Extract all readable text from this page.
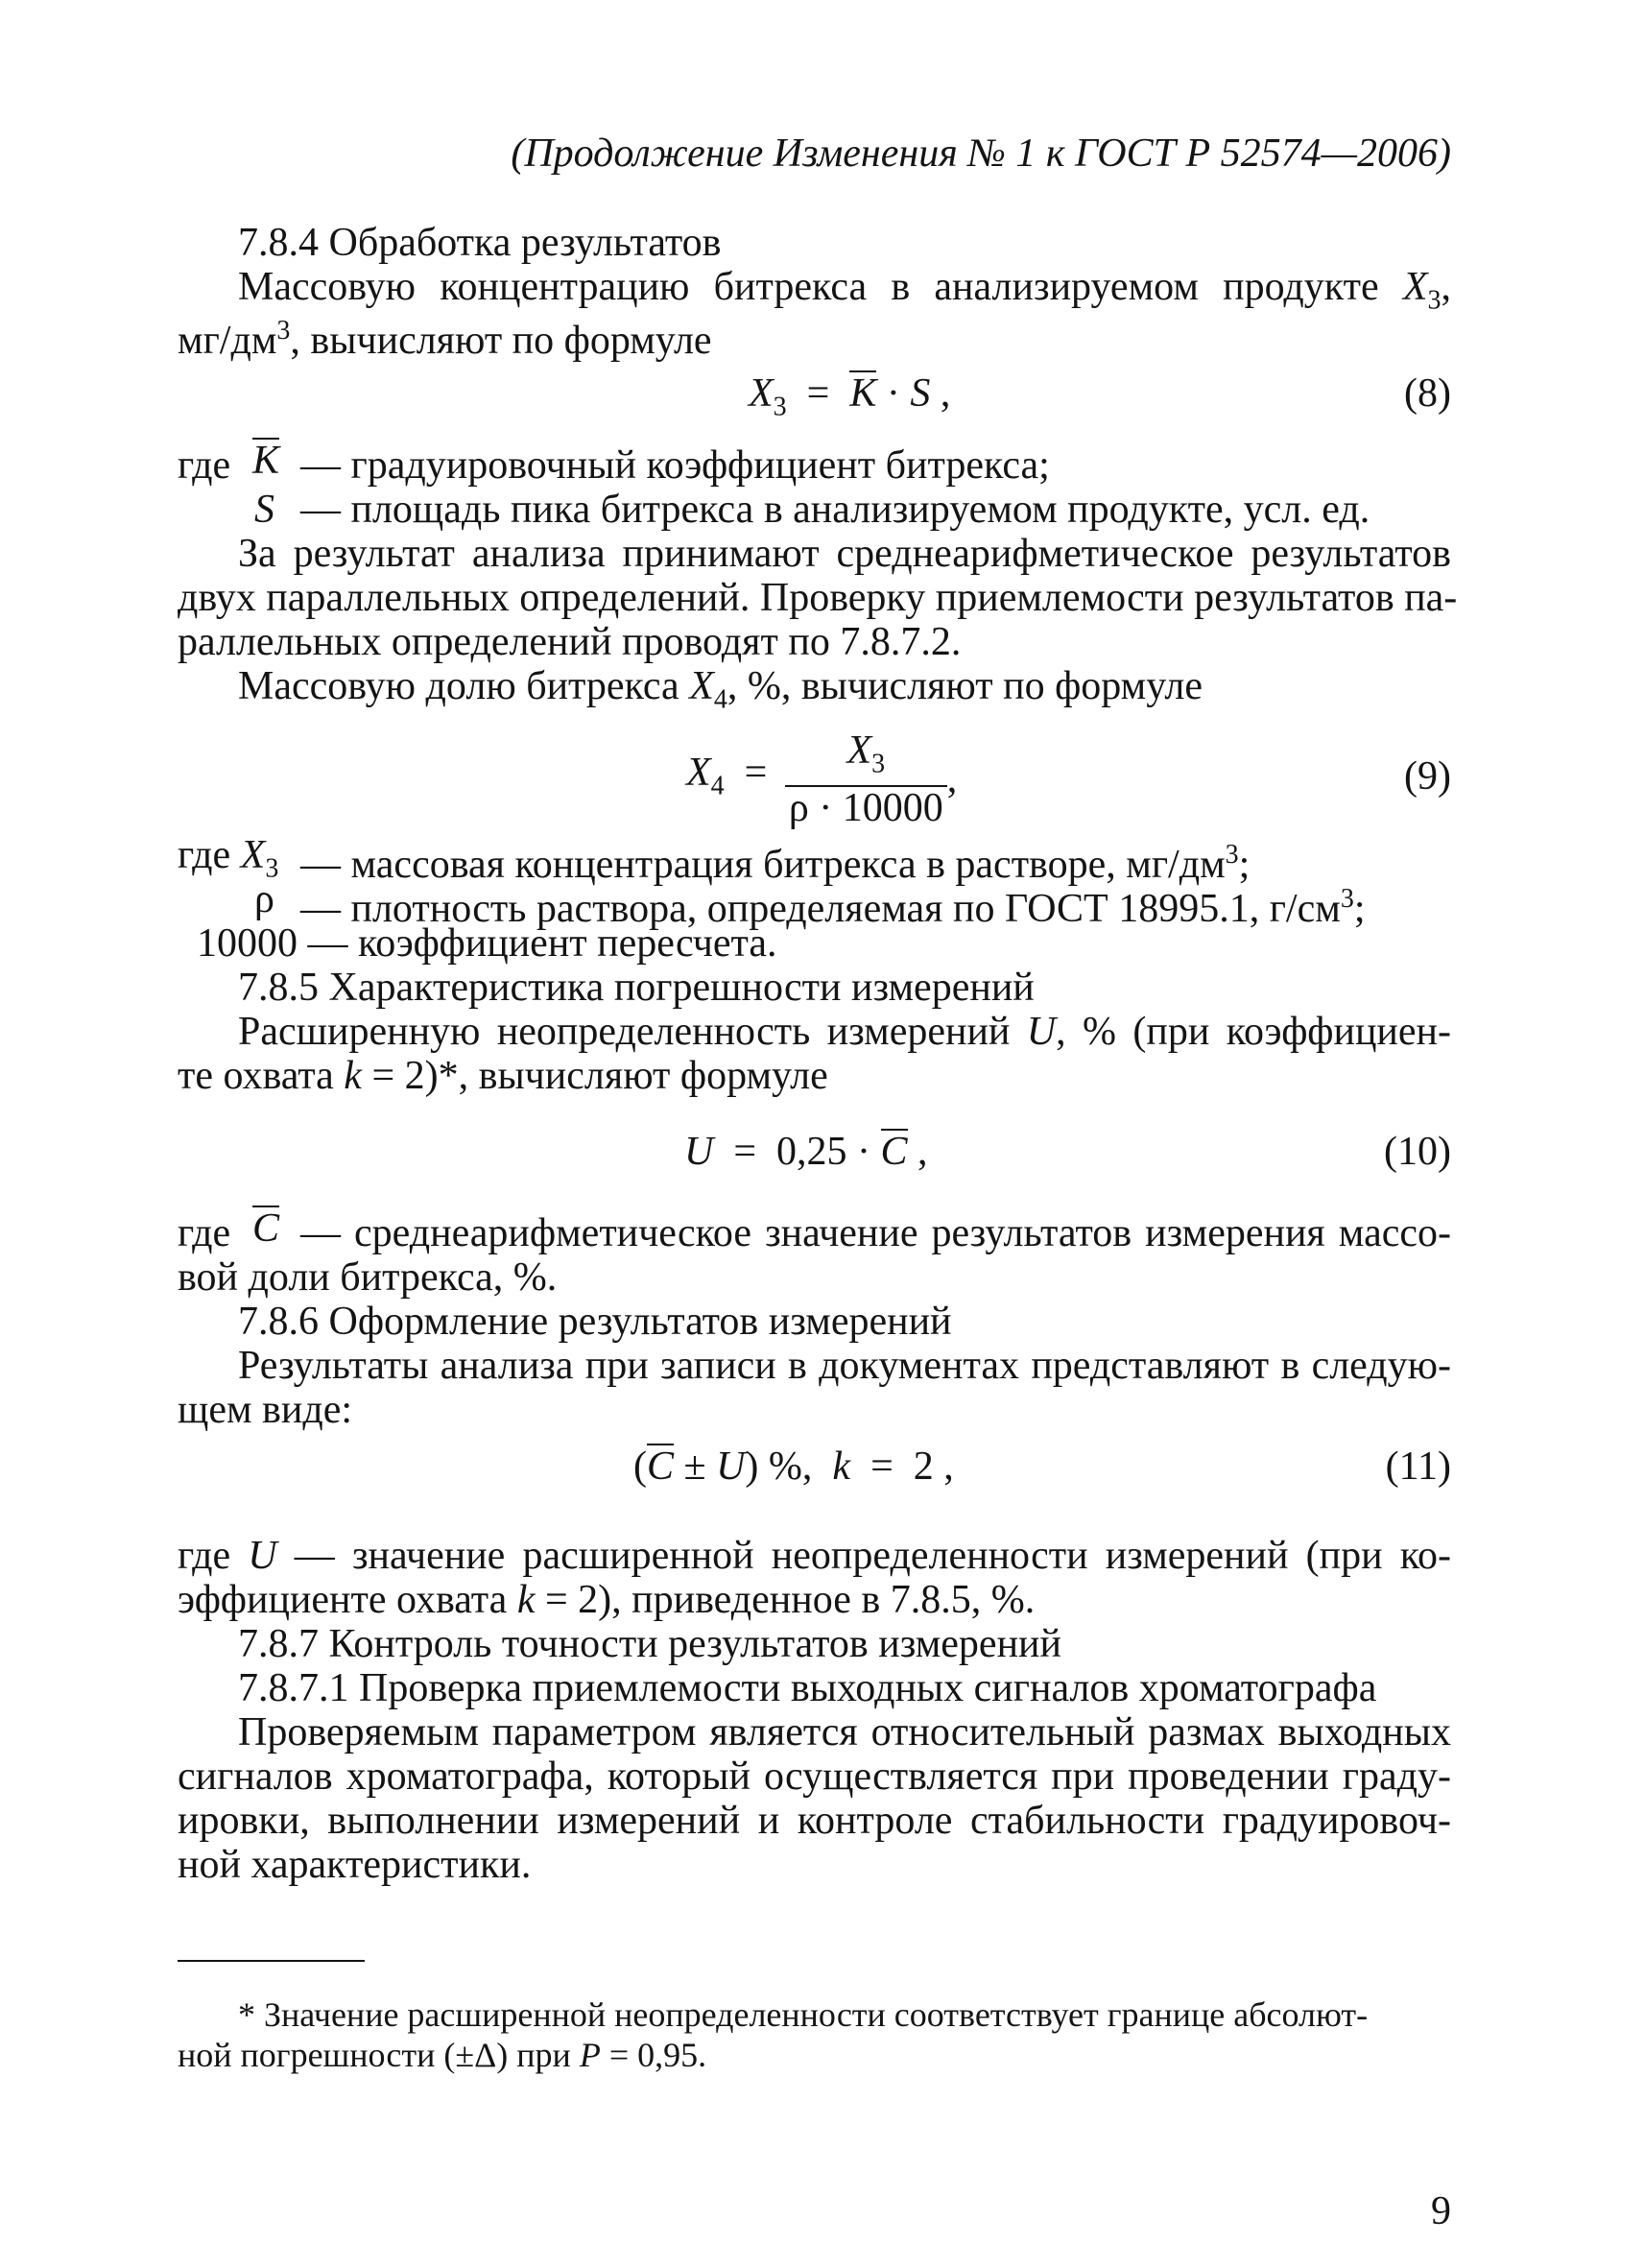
(Продолжение Изменения № 1 к ГОСТ Р 52574—2006)
7.8.4 Обработка результатов
Массовую концентрацию битрекса в анализируемом продукте $X_3$,
$мг/дм^3$, вычисляют по формуле
$X_3 = K \cdot S$ ,	(8)
где K — градуировочный коэффициент битрекса;
S — площадь пика битрекса в анализируемом продукте, усл. ед.
За результат анализа принимают среднеарифметическое результатов
двух параллельных определений. Проверку приемлемости результатов па-
раллельных определений проводят по 7.8.7.2.
Массовую долю битрекса $X_4$, %, вычисляют по формуле
$X_4 = \frac{X_3}{\rho \cdot 10000}$ ,	(9)
где $X_3$ — массовая концентрация битрекса в растворе, $мг/дм^3$;
ρ — плотность раствора, определяемая по ГОСТ 18995.1, $г/см^3$;
10000 — коэффициент пересчета.
7.8.5 Характеристика погрешности измерений
Расширенную неопределенность измерений U, % (при коэффициен-
те охвата k = 2)*, вычисляют формуле
U  =  0,25 · C ,	(10)
где C — среднеарифметическое значение результатов измерения массо-
вой доли битрекса, %.
7.8.6 Оформление результатов измерений
Результаты анализа при записи в документах представляют в следую-
щем виде:
(C ± U) %,  k  =  2 ,	(11)
где U — значение расширенной неопределенности измерений (при ко-
эффициенте охвата k = 2), приведенное в 7.8.5, %.
7.8.7 Контроль точности результатов измерений
7.8.7.1 Проверка приемлемости выходных сигналов хроматографа
Проверяемым параметром является относительный размах выходных
сигналов хроматографа, который осуществляется при проведении граду-
ировки, выполнении измерений и контроле стабильности градуировоч-
ной характеристики.
* Значение расширенной неопределенности соответствует границе абсолют-
ной погрешности (±Δ) при P = 0,95.
9
